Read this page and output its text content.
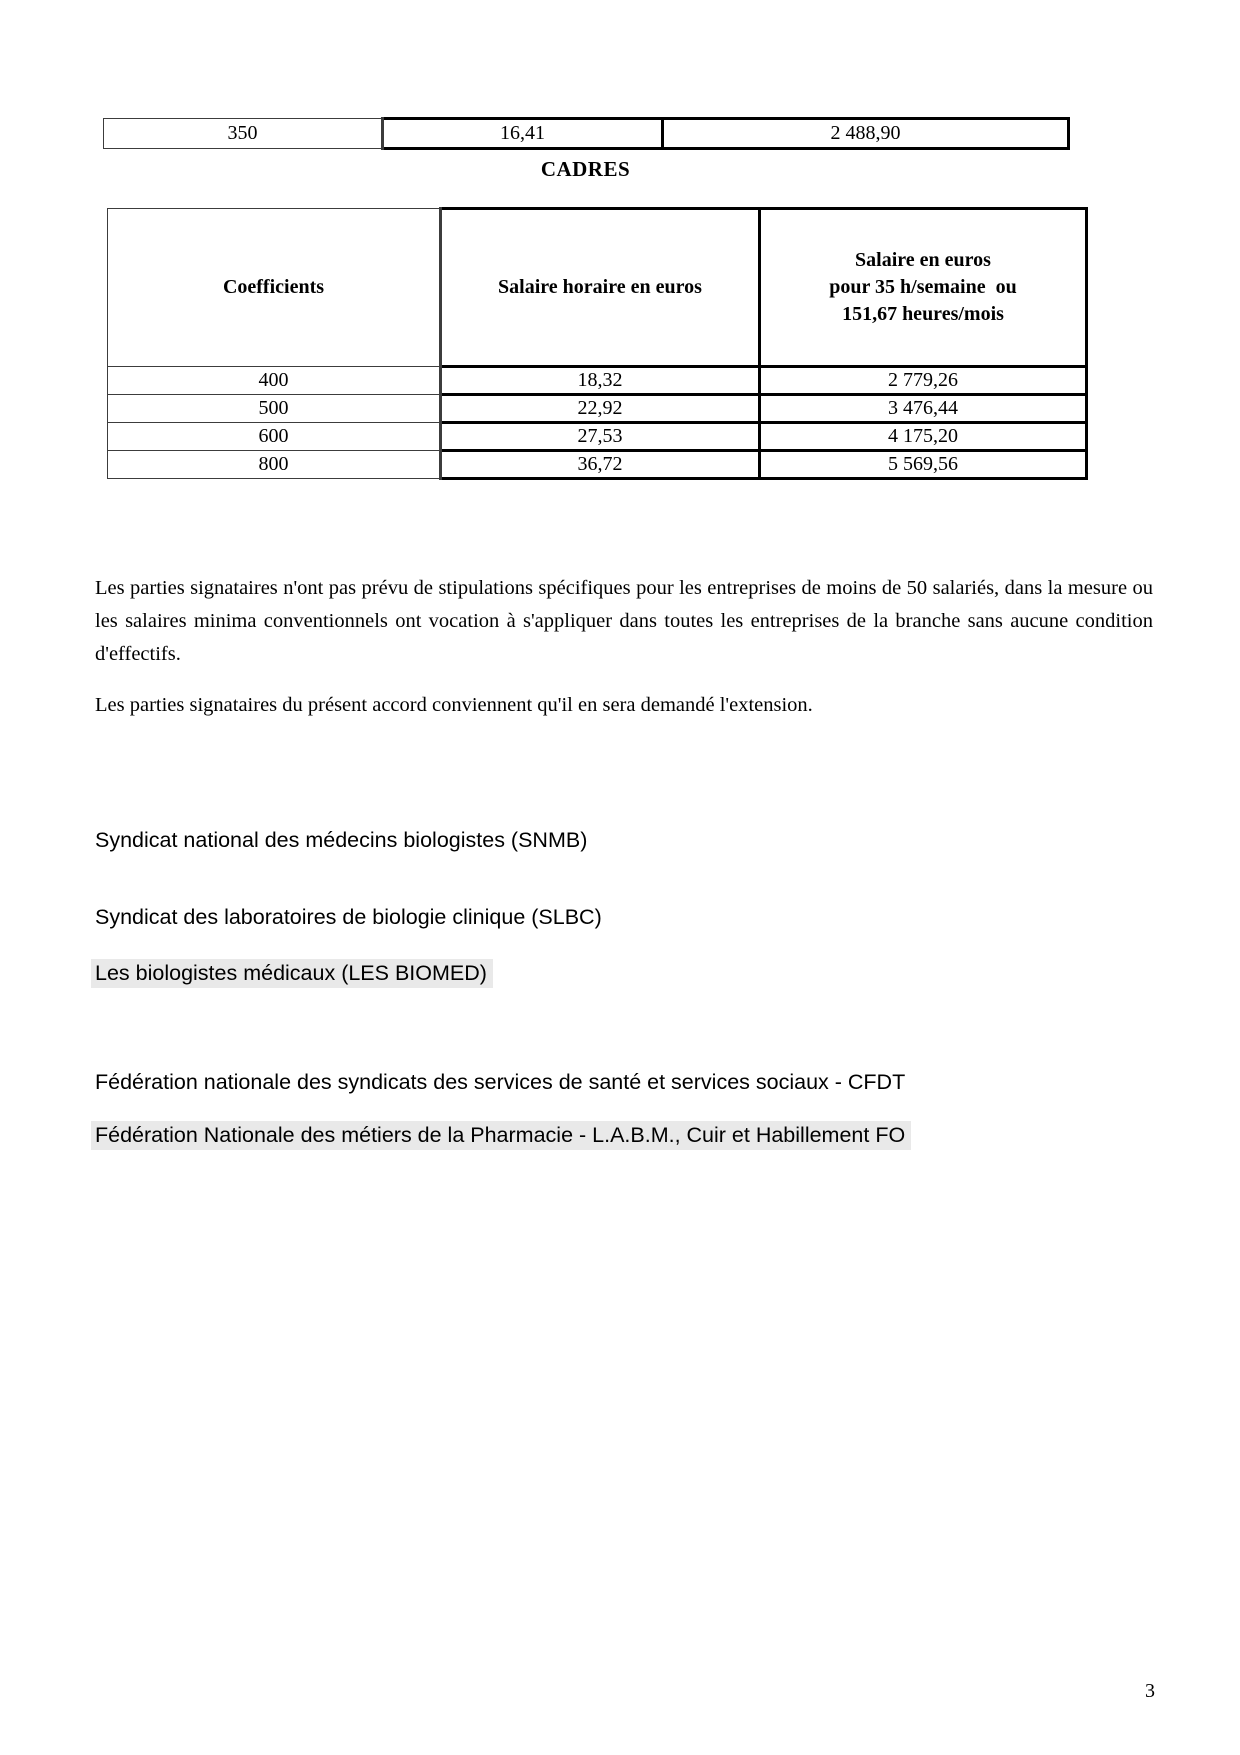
350	16,41	2 488,90
CADRES
Coefficients	Salaire horaire en euros	Salaire en euros
pour 35 h/semaine  ou
151,67 heures/mois

400	18,32	2 779,26
500	22,92	3 476,44
600	27,53	4 175,20
800	36,72	5 569,56

Les parties signataires n'ont pas prévu de stipulations spécifiques pour les entreprises de moins de 50 salariés, dans la mesure ou les salaires minima conventionnels ont vocation à s'appliquer dans toutes les entreprises de la branche sans aucune condition d'effectifs.

Les parties signataires du présent accord conviennent qu'il en sera demandé l'extension.

Syndicat national des médecins biologistes (SNMB)
Syndicat des laboratoires de biologie clinique (SLBC)
Les biologistes médicaux (LES BIOMED)
Fédération nationale des syndicats des services de santé et services sociaux - CFDT
Fédération Nationale des métiers de la Pharmacie - L.A.B.M., Cuir et Habillement FO
3
